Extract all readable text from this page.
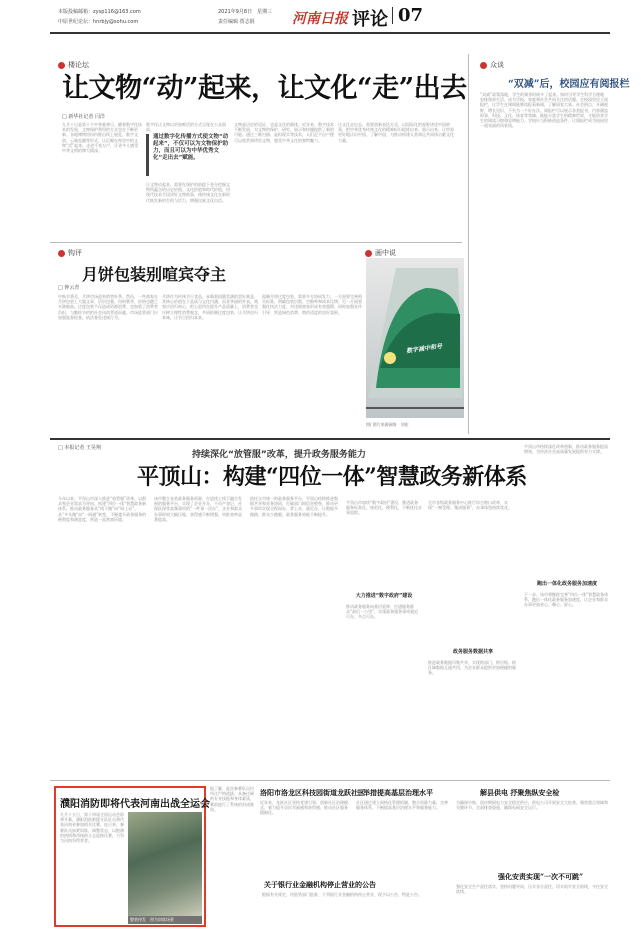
本版投稿邮箱：zysp116@163.com
中原世纪论坛：hnrbjy@sohu.com
2021年9月8日　星期三
责任编辑 贾志锟	河南日报 评论 07
楼论坛
让文物“动”起来，让文化“走”出去
□ 新华社记者 闫洋
九月十日是第十个中华慈善日，随着数字化技术的发展，文物保护利用的方式也在不断更新。各地博物馆纷纷推出线上展览、数字文创、云端直播等形式，让沉睡在库房中的文物“活”起来，走进千家万户，让更多人感受中华文明的博大精深。
数字化让文物以更加鲜活的方式呈现在公众面前。
通过数字化传播方式使文物“动起来”，不仅可以为文物保护助力，而且可以为中华优秀文化“走出去”赋能。
让文物动起来，需要在保护的前提下充分挖掘文物所蕴含的历史价值、文化价值和时代价值，用现代技术手段讲好文物故事，使传统文化在新时代焕发新的生机与活力，增强民族文化自信。
文物是历史的见证，也是文化的载体。近年来，数字技术不断发展，为文物的保护、研究、展示和传播提供了新的可能。通过三维扫描、虚拟现实等技术，人们足不出户便可以欣赏到珍贵文物，感受中华文化的独特魅力。
让文化走出去，需要创新表达方式，以国际化的视野讲述中国故事，把中华优秀传统文化的精神标识提炼出来、展示出来，让世界更好地认识中国、了解中国，为推动构建人类命运共同体贡献文化力量。
众谈
“双减”后，校园应有阅报栏
“双减”政策落地，学生的课余时间多了起来。如何引导学生科学合理地安排课余生活，成为学校、家庭和社会共同关注的话题。在校园里设立阅报栏，让学生在课间能够读报看新闻，了解国家大事、社会热点，开阔视野，增长见识，不失为一个好办法。阅报栏可以展示各类报刊，内容涵盖时事、科技、文化、体育等领域，既能丰富学生的精神世界，又能培养学生的阅读习惯和思辨能力。学校应当积极创造条件，让阅报栏成为校园里一道亮丽的风景线。
钩评
月饼包装别喧宾夺主
□ 钟云青
中秋节将至，月饼市场迎来销售旺季。然而，一些商家在月饼包装上大做文章，层层包裹、用料奢华，价格也随之水涨船高。过度包装不仅造成资源浪费，也加重了消费者负担，与勤俭节约的社会风尚背道而驰。市场监管部门应加强监督检查，依法查处违规行为。
月饼作为传统节日食品，承载着团圆美满的美好寓意，其核心价值在于品质与文化内涵，而非华丽的外表。商家应回归初心，把心思用在提升产品质量上，消费者也应树立理性消费观念，共同抵制过度包装，让月饼回归本味，让节日回归本真。
遏制月饼过度包装，需要多方协同发力。一方面要完善相关标准，明确包装层数、空隙率和成本比例；另一方面要强化执法力度，对违规商家形成有效震慑，同时加强宣传引导，营造绿色消费、简约适度的良好氛围。
画中说
数字减中和号
图/ 图片来源网络　刘宏
□ 本报记者 王昊翔
持续深化“放管服”改革，提升政务服务能力
平顶山：构建“四位一体”智慧政务新体系
今年以来，平顶山市深入推进“放管服”改革，以群众和企业需求为导向，构建“四位一体”智慧政务新体系，推动政务服务从“线下跑”向“网上办”、从“多头跑”向“一网通”转变，不断提升政务服务的便利度和满意度，营造一流营商环境。
该市整合各类政务服务资源，打造线上线下融合发展的服务平台，实现了企业开办、不动产登记、社保医保等高频事项的“一件事一次办”，企业和群众办事时间大幅压缩，获得感不断增强，审批效率显著提高。
依托全市统一的政务服务平台，平顶山持续推进数据共享和业务协同，打破部门间信息壁垒，推动更多事项实现全程网办、掌上办、就近办，让数据多跑路、群众少跑腿，政务服务效能不断提升。
大力推进“数字政府”建设
平顶山市加快“数字政府”建设，推进政务服务标准化、规范化、便利化，不断优化办事流程。
推动政务服务向基层延伸，打通服务群众“最后一公里”，实现政务服务事项就近可办、多点可办。
政务服务数据共享
全市各级政务服务中心推行综合窗口改革，实现“一窗受理、集成服务”，办事体验持续优化。
推进政务数据归集共享，实现跨部门、跨层级、跨区域数据互通共用，为企业群众提供更加便捷的服务。
跑出一体化政务服务加速度
平顶山市持续深化改革创新，推动政务服务提质增效，为经济社会高质量发展提供有力支撑。
下一步，该市将继续完善“四位一体”智慧政务体系，跑出一体化政务服务加速度，让企业和群众办事更加省心、顺心、舒心。
濮阳消防即将代表河南出战全运会
九月十五日，第十四届全国运动会即将开幕，濮阳消防救援支队队员将代表河南省参加相关比赛。连日来，参赛队员加紧训练，调整状态，以饱满的热情和昂扬的斗志迎接比赛，力争为河南争得荣誉。
整装待发　图为训练场景
据了解，此次参赛队员均经过严格选拔，具备过硬的专业技能和身体素质，赛前进行了系统的封闭集训。
洛阳市洛龙区科技园街道龙跃社区
近年来，龙跃社区坚持党建引领，创新社区治理模式，着力提升居民幸福感和获得感，推动社区服务精细化。
三举措提高基层治理水平
社区通过建立网格化管理机制，整合资源力量，完善服务体系，不断提高基层治理水平和服务能力。
关于银行业金融机构停止营业的公告
根据有关规定，经监管部门批准，下列银行业金融机构停止营业，现予以公告，特此公告。
解县供电 抒聚焦纵安全检
为确保中秋、国庆期间电力安全稳定供应，供电公司开展安全大检查，聚焦重点领域和关键环节，全面排查隐患，确保电网安全运行。
强化安责实现“一次不可跳”
强化安全生产责任落实，坚持问题导向，压实各方责任，切实筑牢安全防线，守住安全底线。
